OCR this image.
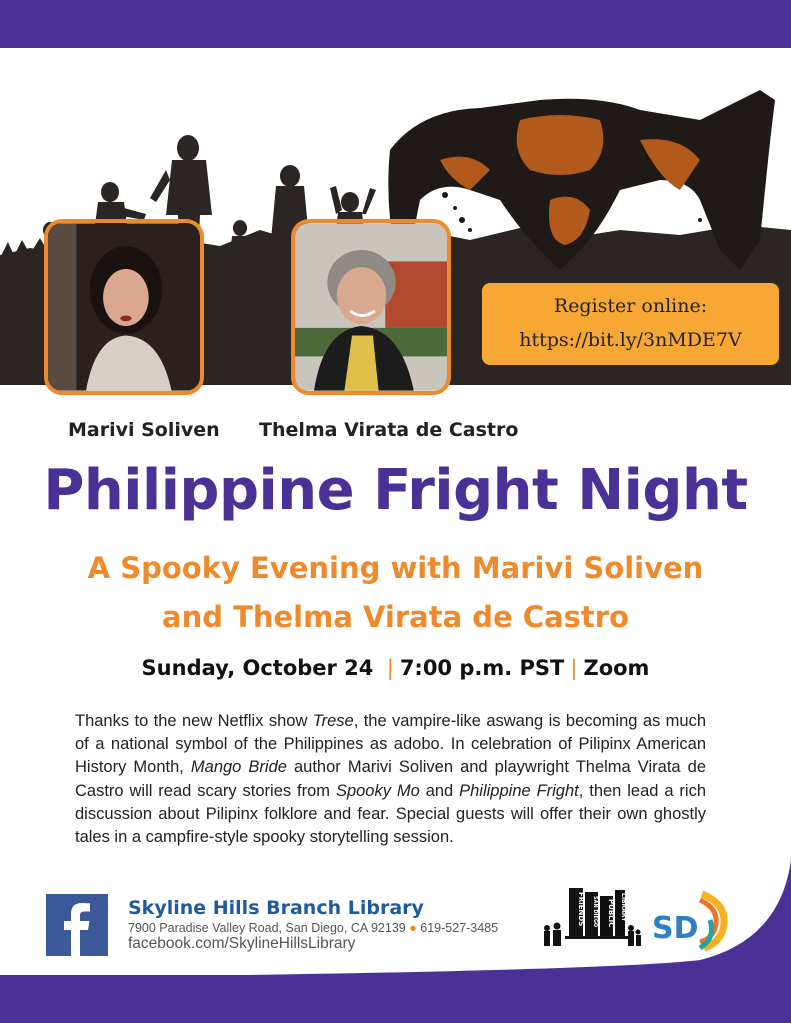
Register online:
https://bit.ly/3nMDE7V
Marivi Soliven Thelma Virata de Castro
Philippine Fright Night
A Spooky Evening with Marivi Soliven
and Thelma Virata de Castro
Sunday, October 24 | 7:00 p.m. PST | Zoom
Thanks to the new Netflix show Trese, the vampire-like aswang is becoming as much of a national symbol of the Philippines as adobo. In celebration of Pilipinx American History Month, Mango Bride author Marivi Soliven and playwright Thelma Virata de Castro will read scary stories from Spooky Mo and Philippine Fright, then lead a rich discussion about Pilipinx folklore and fear. Special guests will offer their own ghostly tales in a campfire-style spooky storytelling session.
Skyline Hills Branch Library
7900 Paradise Valley Road, San Diego, CA 92139 ● 619-527-3485
facebook.com/SkylineHillsLibrary
FRIENDS SAN DIEGO PUBLIC LIBRARY
SD
